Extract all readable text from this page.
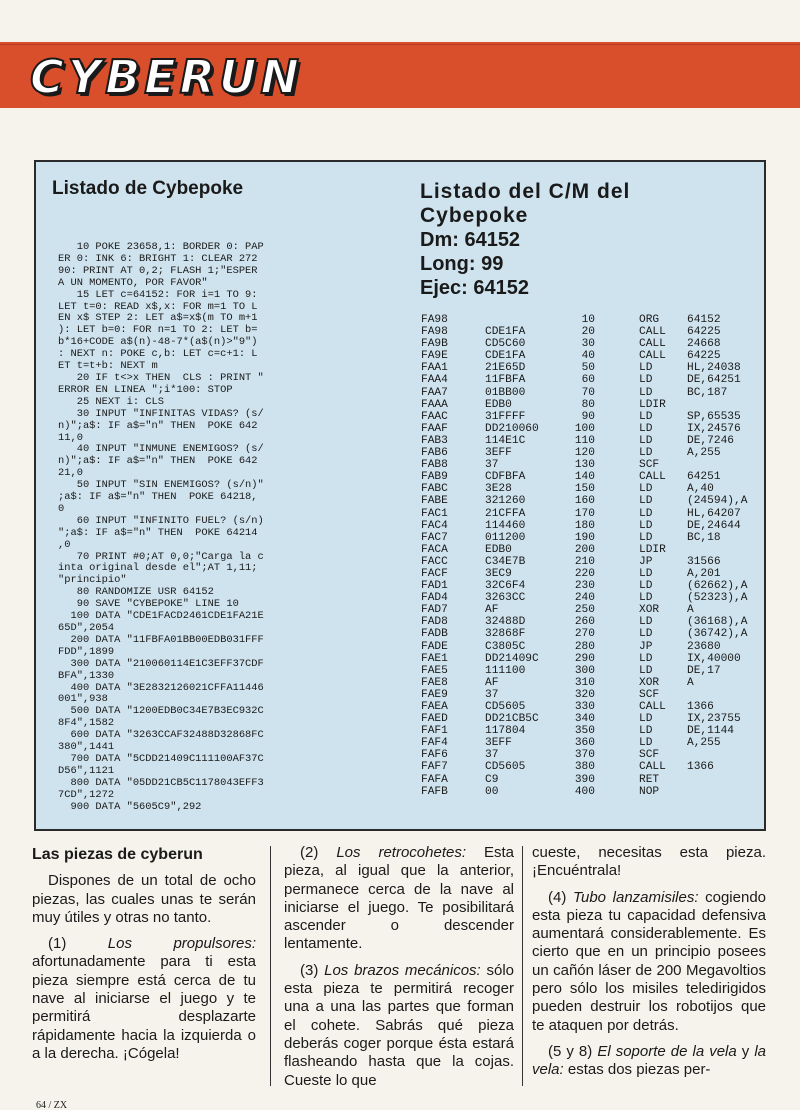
CYBERUN
Listado de Cybepoke
10 POKE 23658,1: BORDER 0: PAP
ER 0: INK 6: BRIGHT 1: CLEAR 272
90: PRINT AT 0,2; FLASH 1;"ESPER
A UN MOMENTO, POR FAVOR"
15 LET c=64152: FOR i=1 TO 9:
LET t=0: READ x$,x: FOR m=1 TO L
EN x$ STEP 2: LET a$=x$(m TO m+1
): LET b=0: FOR n=1 TO 2: LET b=
b*16+CODE a$(n)-48-7*(a$(n)>"9")
: NEXT n: POKE c,b: LET c=c+1: L
ET t=t+b: NEXT m
20 IF t<>x THEN  CLS : PRINT "
ERROR EN LINEA ";i*100: STOP
25 NEXT i: CLS
30 INPUT "INFINITAS VIDAS? (s/
n)";a$: IF a$="n" THEN  POKE 642
11,0
40 INPUT "INMUNE ENEMIGOS? (s/
n)";a$: IF a$="n" THEN  POKE 642
21,0
50 INPUT "SIN ENEMIGOS? (s/n)"
;a$: IF a$="n" THEN  POKE 64218,
0
60 INPUT "INFINITO FUEL? (s/n)
";a$: IF a$="n" THEN  POKE 64214
,0
70 PRINT #0;AT 0,0;"Carga la c
inta original desde el";AT 1,11;
"principio"
80 RANDOMIZE USR 64152
90 SAVE "CYBEPOKE" LINE 10
100 DATA "CDE1FACD2461CDE1FA21E
65D",2054
200 DATA "11FBFA01BB00EDB031FFF
FDD",1899
300 DATA "210060114E1C3EFF37CDF
BFA",1330
400 DATA "3E2832126021CFFA11446
001",938
500 DATA "1200EDB0C34E7B3EC932C
8F4",1582
600 DATA "3263CCAF32488D32868FC
380",1441
700 DATA "5CDD21409C111100AF37C
D56",1121
800 DATA "05DD21CB5C1178043EFF3
7CD",1272
900 DATA "5605C9",292
Listado del C/M del
Cybepoke
Dm: 64152
Long: 99
Ejec: 64152
FA98	10	ORG 64152
FA98	CDE1FA	20	CALL 64225
FA9B	CD5C60	30	CALL 24668
FA9E	CDE1FA	40	CALL 64225
FAA1	21E65D	50	LD	HL,24038
FAA4	11FBFA	60	LD	DE,64251
FAA7	01BB00	70	LD	BC,187
FAAA	EDB0	80	LDIR
FAAC	31FFFF	90	LD	SP,65535
FAAF	DD210060	100	LD	IX,24576
FAB3	114E1C	110	LD	DE,7246
FAB6	3EFF	120	LD	A,255
FAB8	37	130	SCF
FAB9	CDFBFA	140	CALL 64251
FABC	3E28	150	LD	A,40
FABE	321260	160	LD	(24594),A
FAC1	21CFFA	170	LD	HL,64207
FAC4	114460	180	LD	DE,24644
FAC7	011200	190	LD	BC,18
FACA	EDB0	200	LDIR
FACC	C34E7B	210	JP	31566
FACF	3EC9	220	LD	A,201
FAD1	32C6F4	230	LD	(62662),A
FAD4	3263CC	240	LD	(52323),A
FAD7	AF	250	XOR A
FAD8	32488D	260	LD	(36168),A
FADB	32868F	270	LD	(36742),A
FADE	C3805C	280	JP	23680
FAE1	DD21409C	290	LD	IX,40000
FAE5	111100	300	LD	DE,17
FAE8	AF	310	XOR A
FAE9	37	320	SCF
FAEA	CD5605	330	CALL 1366
FAED	DD21CB5C	340	LD	IX,23755
FAF1	117804	350	LD	DE,1144
FAF4	3EFF	360	LD	A,255
FAF6	37	370	SCF
FAF7	CD5605	380	CALL 1366
FAFA	C9	390	RET
FAFB	00	400	NOP
Las piezas de cyberun

Dispones de un total de ocho piezas, las cuales unas te serán muy útiles y otras no tanto.

(1) Los propulsores: afortunadamente para ti esta pieza siempre está cerca de tu nave al iniciarse el juego y te permitirá desplazarte rápidamente hacia la izquierda o a la derecha. ¡Cógela!

(2) Los retrocohetes: Esta pieza, al igual que la anterior, permanece cerca de la nave al iniciarse el juego. Te posibilitará ascender o descender lentamente.

(3) Los brazos mecánicos: sólo esta pieza te permitirá recoger una a una las partes que forman el cohete. Sabrás qué pieza deberás coger porque ésta estará flasheando hasta que la cojas. Cueste lo que

cueste, necesitas esta pieza. ¡Encuéntrala!

(4) Tubo lanzamisiles: cogiendo esta pieza tu capacidad defensiva aumentará considerablemente. Es cierto que en un principio posees un cañón láser de 200 Megavoltios pero sólo los misiles teledirigidos pueden destruir los robotijos que te ataquen por detrás.

(5 y 8) El soporte de la vela y la vela: estas dos piezas per-

64 / ZX
